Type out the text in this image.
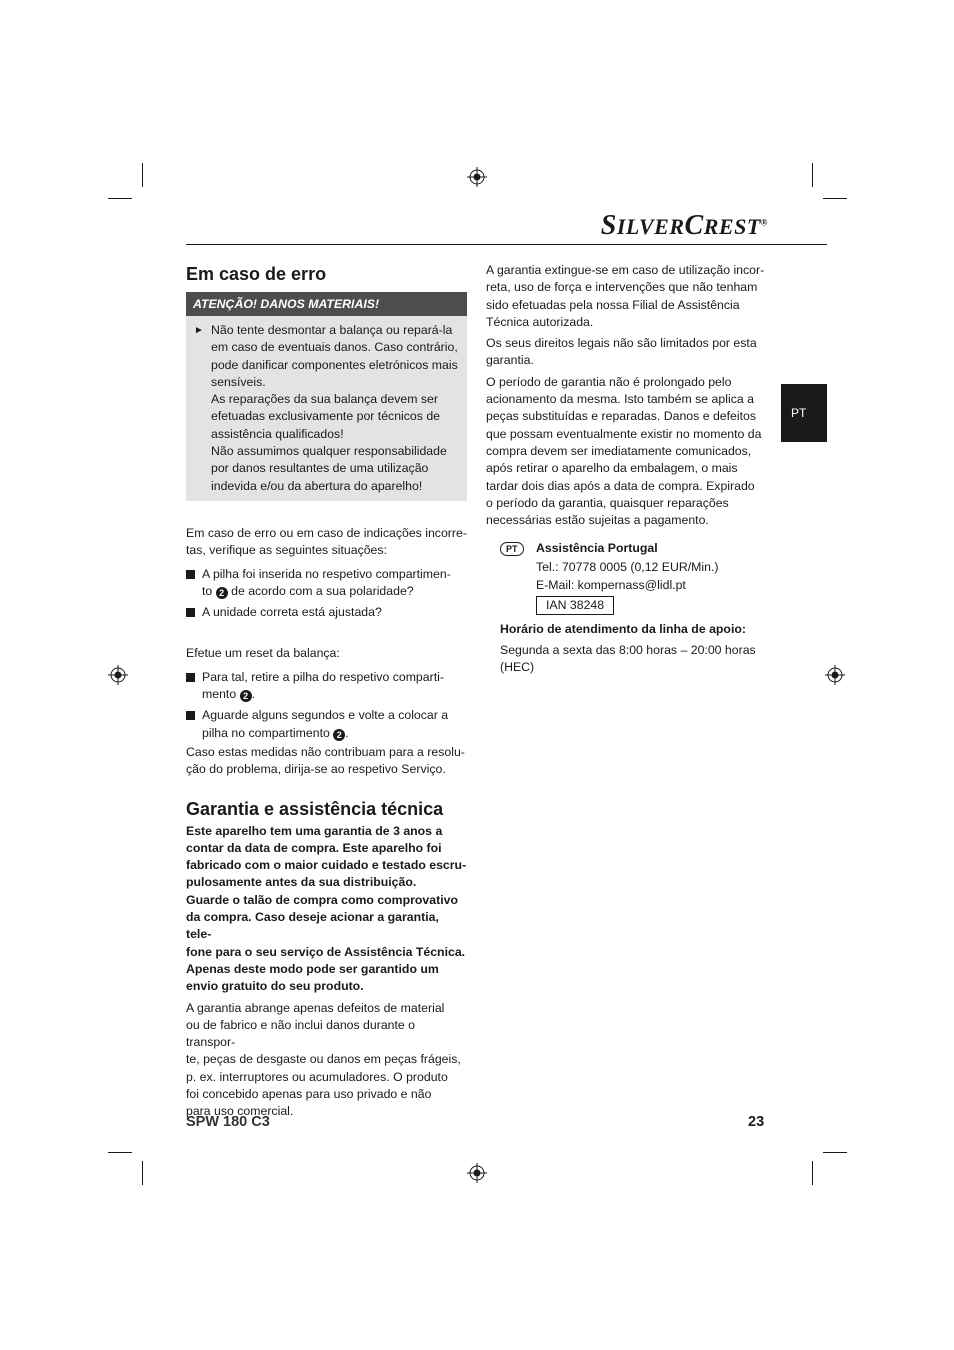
SILVERCREST®
Em caso de erro
ATENÇÃO! DANOS MATERIAIS!
► Não tente desmontar a balança ou repará-la
em caso de eventuais danos. Caso contrário,
pode danificar componentes eletrónicos mais
sensíveis.
As reparações da sua balança devem ser
efetuadas exclusivamente por técnicos de
assistência qualificados!
Não assumimos qualquer responsabilidade
por danos resultantes de uma utilização
indevida e/ou da abertura do aparelho!
Em caso de erro ou em caso de indicações incorre-
tas, verifique as seguintes situações:
A pilha foi inserida no respetivo compartimen-
to 2 de acordo com a sua polaridade?
A unidade correta está ajustada?
Efetue um reset da balança:
Para tal, retire a pilha do respetivo comparti-
mento 2 .
Aguarde alguns segundos e volte a colocar a
pilha no compartimento 2 .
Caso estas medidas não contribuam para a resolu-
ção do problema, dirija-se ao respetivo Serviço.
Garantia e assistência técnica
Este aparelho tem uma garantia de 3 anos a
contar da data de compra. Este aparelho foi
fabricado com o maior cuidado e testado escru-
pulosamente antes da sua distribuição.
Guarde o talão de compra como comprovativo
da compra. Caso deseje acionar a garantia, tele-
fone para o seu serviço de Assistência Técnica.
Apenas deste modo pode ser garantido um
envio gratuito do seu produto.
A garantia abrange apenas defeitos de material
ou de fabrico e não inclui danos durante o transpor-
te, peças de desgaste ou danos em peças frágeis,
p. ex. interruptores ou acumuladores. O produto
foi concebido apenas para uso privado e não
para uso comercial.
A garantia extingue-se em caso de utilização incor-
reta, uso de força e intervenções que não tenham
sido efetuadas pela nossa Filial de Assistência
Técnica autorizada.
Os seus direitos legais não são limitados por esta
garantia.
O período de garantia não é prolongado pelo
acionamento da mesma. Isto também se aplica a
peças substituídas e reparadas. Danos e defeitos
que possam eventualmente existir no momento da
compra devem ser imediatamente comunicados,
após retirar o aparelho da embalagem, o mais
tardar dois dias após a data de compra. Expirado
o período da garantia, quaisquer reparações
necessárias estão sujeitas a pagamento.
PT	Assistência Portugal
Tel.: 70778 0005 (0,12 EUR/Min.)
E-Mail: kompernass@lidl.pt
IAN 38248
Horário de atendimento da linha de apoio:
Segunda a sexta das 8:00 horas – 20:00 horas
(HEC)
PT
SPW 180 C3	23
